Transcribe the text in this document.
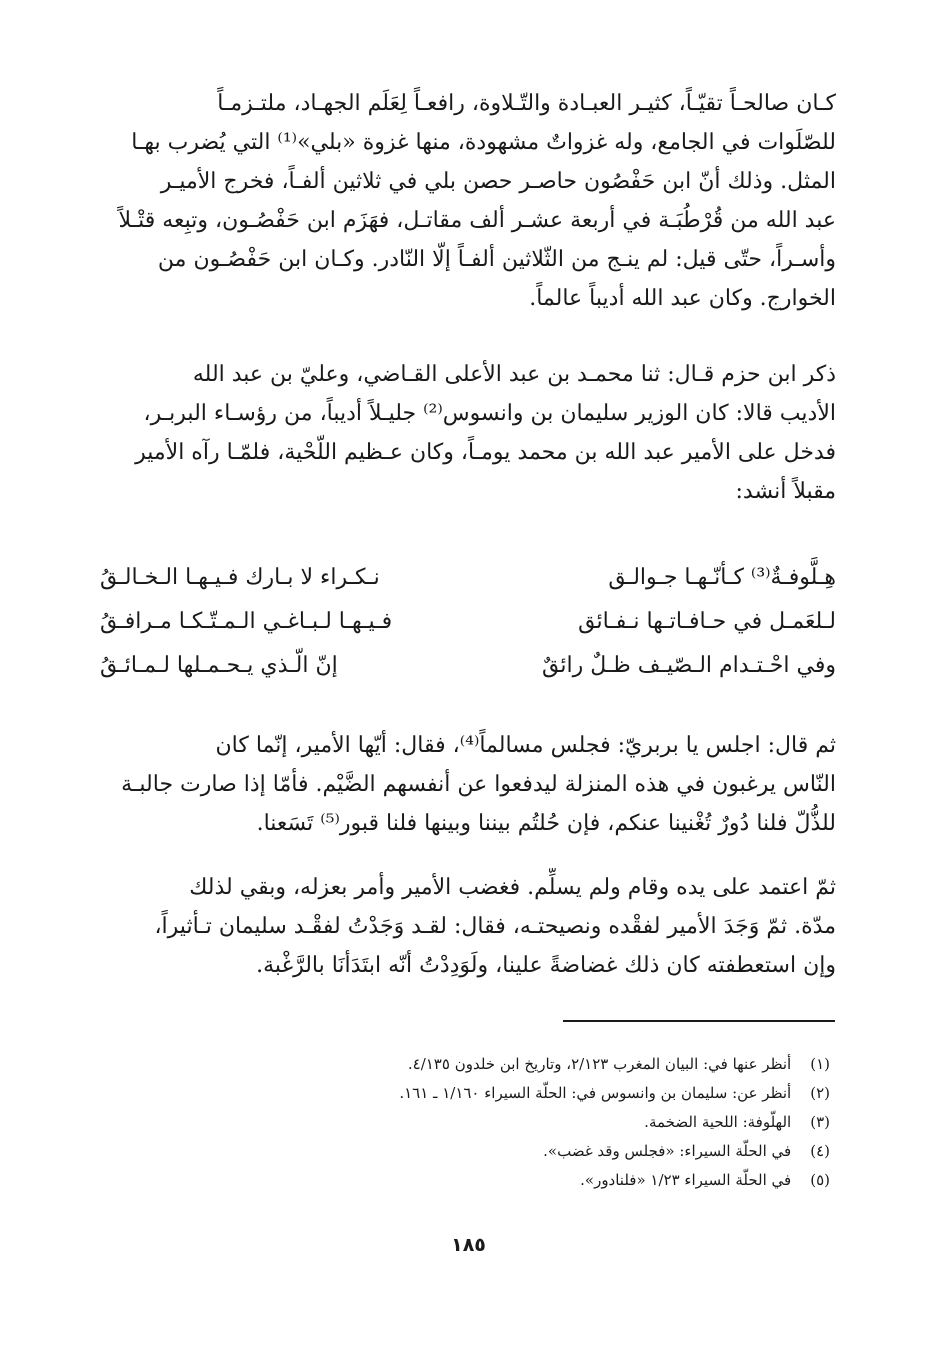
كـان صالحـاً تقيّـاً، كثيـر العبـادة والتّـلاوة، رافعـاً لِعَلَم الجهـاد، ملتـزمـاً
للصّلَوات في الجامع، وله غزواتٌ مشهودة، منها غزوة «بلي»⁽¹⁾ التي يُضرب بهـا
المثل. وذلك أنّ ابن حَفْصُون حاصـر حصن بلي في ثلاثين ألفـاً، فخرج الأميـر
عبد الله من قُرْطُبَـة في أربعة عشـر ألف مقاتـل، فهَزَم ابن حَفْصُـون، وتبِعه قتْـلاً
وأسـراً، حتّى قيل: لم ينـج من الثّلاثين ألفـاً إلّا النّادر. وكـان ابن حَفْصُـون من
الخوارج. وكان عبد الله أديباً عالماً.

ذكر ابن حزم قـال: ثنا محمـد بن عبد الأعلى القـاضي، وعليّ بن عبد الله
الأديب قالا: كان الوزير سليمان بن وانسوس⁽²⁾ جليـلاً أديباً، من رؤسـاء البربـر،
فدخل على الأمير عبد الله بن محمد يومـاً، وكان عـظيم اللّحْية، فلمّـا رآه الأمير
مقبلاً أنشد:

هِـلَّوفـةٌ⁽³⁾ كـأنّـهـا جـوالـق
نـكـراء لا بـارك فـيـهـا الـخـالـقُ
لـلعَمـل في حـافـاتـها نـفـائق
فـيـهـا لـبـاغـي الـمـتّـكـا مـرافـقُ
وفي احْـتـدام الـصّيـف ظـلٌ رائقٌ
إنّ الّـذي يـحـمـلها لـمـائـقُ

ثم قال: اجلس يا بربريّ: فجلس مسالماً⁽⁴⁾، فقال: أيّها الأمير، إنّما كان
النّاس يرغبون في هذه المنزلة ليدفعوا عن أنفسهم الضَّيْم. فأمّا إذا صارت جالبـة
للذُّلّ فلنا دُورٌ تُغْنينا عنكم، فإن حُلتُم بيننا وبينها فلنا قبور⁽⁵⁾ تَسَعنا.

ثمّ اعتمد على يده وقام ولم يسلِّم. فغضب الأمير وأمر بعزله، وبقي لذلك
مدّة. ثمّ وَجَدَ الأمير لفقْده ونصيحتـه، فقال: لقـد وَجَدْتُ لفقْـد سليمان تـأثيراً،
وإن استعطفته كان ذلك غضاضةً علينا، ولَوَدِدْتُ أنّه ابتَدَأنَا بالرَّغْبة.

(١) أنظر عنها في: البيان المغرب ٢/١٢٣، وتاريخ ابن خلدون ٤/١٣٥.
(٢) أنظر عن: سليمان بن وانسوس في: الحلّة السيراء ١/١٦٠ ـ ١٦١.
(٣) الهلّوفة: اللحية الضخمة.
(٤) في الحلّة السيراء: «فجلس وقد غضب».
(٥) في الحلّة السيراء ١/٢٣ «فلنادور».
١٨٥
